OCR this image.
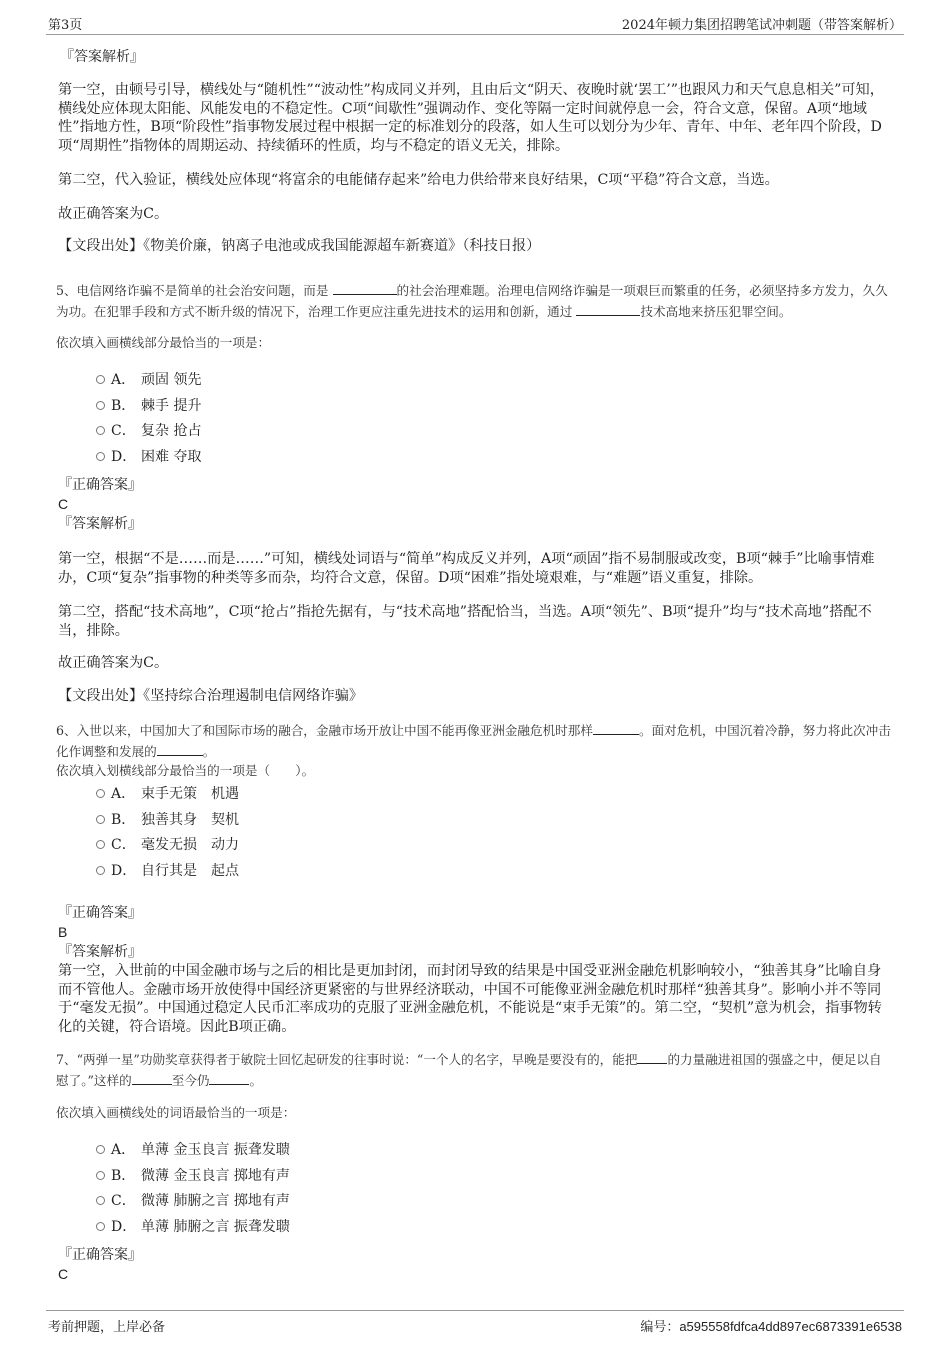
第3页	2024年顿力集团招聘笔试冲刺题（带答案解析）
『答案解析』
第一空，由顿号引导，横线处与“随机性”“波动性”构成同义并列，且由后文“阴天、夜晚时就‘罢工’”也跟风力和天气息息相关”可知，横线处应体现太阳能、风能发电的不稳定性。C项“间歇性”强调动作、变化等隔一定时间就停息一会，符合文意，保留。A项“地域性”指地方性，B项“阶段性”指事物发展过程中根据一定的标准划分的段落，如人生可以划分为少年、青年、中年、老年四个阶段，D项“周期性”指物体的周期运动、持续循环的性质，均与不稳定的语义无关，排除。
第二空，代入验证，横线处应体现“将富余的电能储存起来”给电力供给带来良好结果，C项“平稳”符合文意，当选。
故正确答案为C。
【文段出处】《物美价廉，钠离子电池或成我国能源超车新赛道》（科技日报）
5、电信网络诈骗不是简单的社会治安问题，而是	的社会治理难题。治理电信网络诈骗是一项艰巨而繁重的任务，必须坚持多方发力，久久为功。在犯罪手段和方式不断升级的情况下，治理工作更应注重先进技术的运用和创新，通过	技术高地来挤压犯罪空间。
依次填入画横线部分最恰当的一项是：
A． 顽固 领先
B． 棘手 提升
C． 复杂 抢占
D． 困难 夺取
『正确答案』
C
『答案解析』
第一空，根据“不是……而是……”可知，横线处词语与“简单”构成反义并列，A项“顽固”指不易制服或改变，B项“棘手”比喻事情难办，C项“复杂”指事物的种类等多而杂，均符合文意，保留。D项“困难”指处境艰难，与“难题”语义重复，排除。
第二空，搭配“技术高地”，C项“抢占”指抢先据有，与“技术高地”搭配恰当，当选。A项“领先”、B项“提升”均与“技术高地”搭配不当，排除。
故正确答案为C。
【文段出处】《坚持综合治理遏制电信网络诈骗》
6、入世以来，中国加大了和国际市场的融合，金融市场开放让中国不能再像亚洲金融危机时那样	。面对危机，中国沉着冷静，努力将此次冲击化作调整和发展的	。
依次填入划横线部分最恰当的一项是（　　）。
A． 束手无策　机遇
B． 独善其身　契机
C． 毫发无损　动力
D． 自行其是　起点
『正确答案』
B
『答案解析』
第一空，入世前的中国金融市场与之后的相比是更加封闭，而封闭导致的结果是中国受亚洲金融危机影响较小，“独善其身”比喻自身而不管他人。金融市场开放使得中国经济更紧密的与世界经济联动，中国不可能像亚洲金融危机时那样“独善其身”。影响小并不等同于“毫发无损”。中国通过稳定人民币汇率成功的克服了亚洲金融危机，不能说是“束手无策”的。第二空，“契机”意为机会，指事物转化的关键，符合语境。因此B项正确。
7、“两弹一星”功勋奖章获得者于敏院士回忆起研发的往事时说：“一个人的名字，早晚是要没有的，能把 的力量融进祖国的强盛之中，便足以自慰了。”这样的	至今仍	。
依次填入画横线处的词语最恰当的一项是：
A． 单薄 金玉良言 振聋发聩
B． 微薄 金玉良言 掷地有声
C． 微薄 肺腑之言 掷地有声
D． 单薄 肺腑之言 振聋发聩
『正确答案』
C
考前押题，上岸必备	编号：a595558fdfca4dd897ec6873391e6538
